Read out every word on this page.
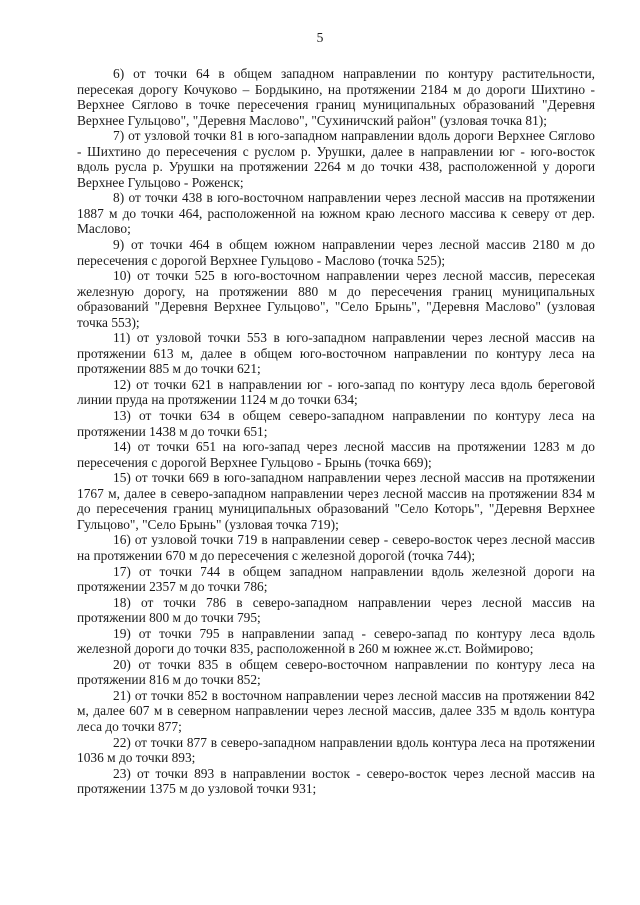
5

6) от точки 64 в общем западном направлении по контуру растительности, пересекая дорогу Кочуково – Бордыкино, на протяжении 2184 м до дороги Шихтино - Верхнее Сяглово в точке пересечения границ муниципальных образований "Деревня Верхнее Гульцово", "Деревня Маслово", "Сухиничский район" (узловая точка 81);

7) от узловой точки 81 в юго-западном направлении вдоль дороги Верхнее Сяглово - Шихтино до пересечения с руслом р. Урушки, далее в направлении юг - юго-восток вдоль русла р. Урушки на протяжении 2264 м до точки 438, расположенной у дороги Верхнее Гульцово - Роженск;

8) от точки 438 в юго-восточном направлении через лесной массив на протяжении 1887 м до точки 464, расположенной на южном краю лесного массива к северу от дер. Маслово;

9) от точки 464 в общем южном направлении через лесной массив 2180 м до пересечения с дорогой Верхнее Гульцово - Маслово (точка 525);

10) от точки 525 в юго-восточном направлении через лесной массив, пересекая железную дорогу, на протяжении 880 м до пересечения границ муниципальных образований "Деревня Верхнее Гульцово", "Село Брынь", "Деревня Маслово" (узловая точка 553);

11) от узловой точки 553 в юго-западном направлении через лесной массив на протяжении 613 м, далее в общем юго-восточном направлении по контуру леса на протяжении 885 м до точки 621;

12) от точки 621 в направлении юг - юго-запад по контуру леса вдоль береговой линии пруда на протяжении 1124 м до точки 634;

13) от точки 634 в общем северо-западном направлении по контуру леса на протяжении 1438 м до точки 651;

14) от точки 651 на юго-запад через лесной массив на протяжении 1283 м до пересечения с дорогой Верхнее Гульцово - Брынь (точка 669);

15) от точки 669 в юго-западном направлении через лесной массив на протяжении 1767 м, далее в северо-западном направлении через лесной массив на протяжении 834 м до пересечения границ муниципальных образований "Село Которь", "Деревня Верхнее Гульцово", "Село Брынь" (узловая точка 719);

16) от узловой точки 719 в направлении север - северо-восток через лесной массив на протяжении 670 м до пересечения с железной дорогой (точка 744);

17) от точки 744 в общем западном направлении вдоль железной дороги на протяжении 2357 м до точки 786;

18) от точки 786 в северо-западном направлении через лесной массив на протяжении 800 м до точки 795;

19) от точки 795 в направлении запад - северо-запад по контуру леса вдоль железной дороги до точки 835, расположенной в 260 м южнее ж.ст. Воймирово;

20) от точки 835 в общем северо-восточном направлении по контуру леса на протяжении 816 м до точки 852;

21) от точки 852 в восточном направлении через лесной массив на протяжении 842 м, далее 607 м в северном направлении через лесной массив, далее 335 м вдоль контура леса до точки 877;

22) от точки 877 в северо-западном направлении вдоль контура леса на протяжении 1036 м до точки 893;

23) от точки 893 в направлении восток - северо-восток через лесной массив на протяжении 1375 м до узловой точки 931;
